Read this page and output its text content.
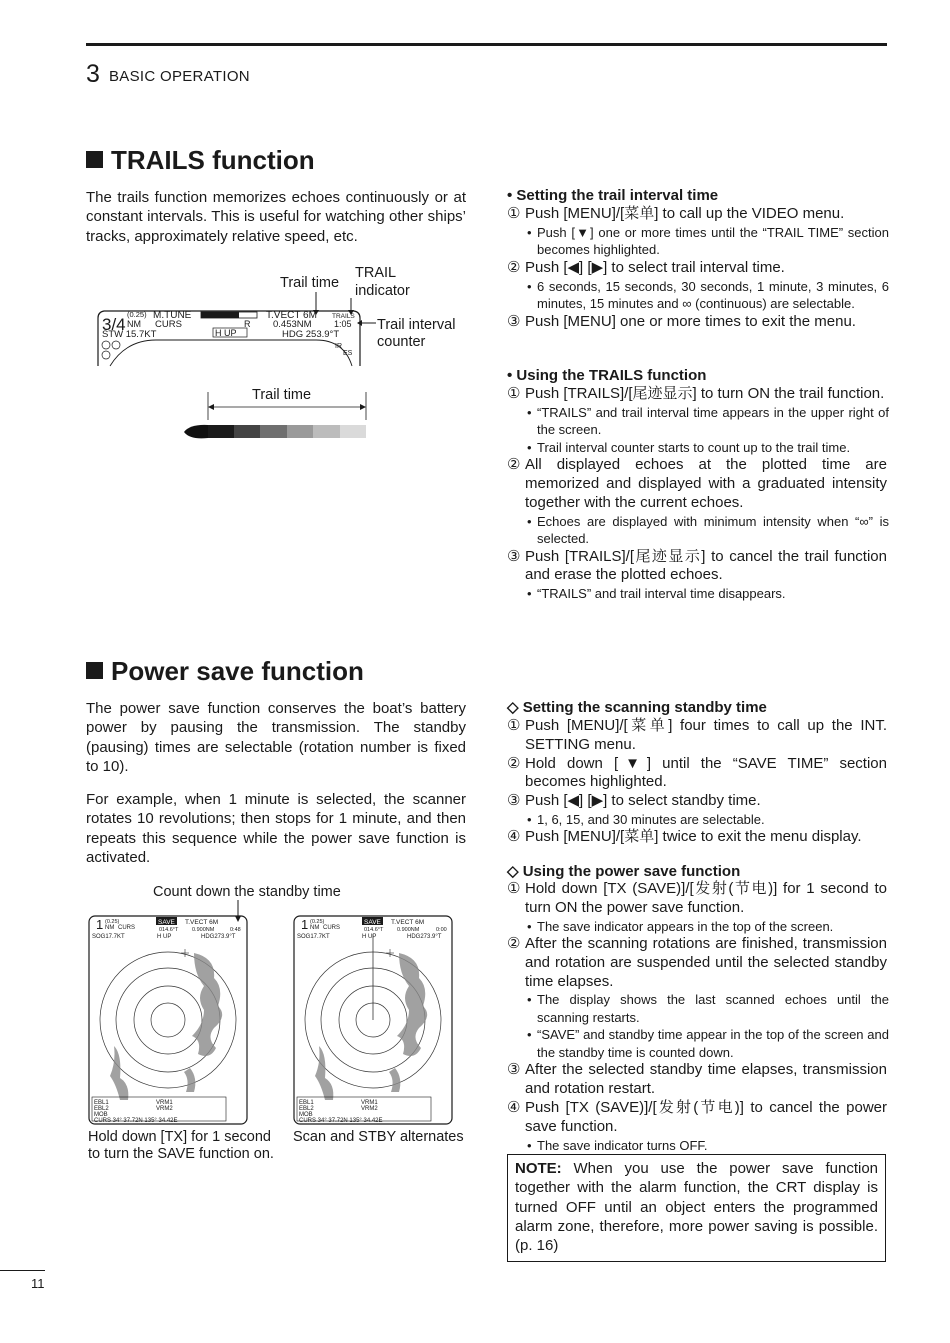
3 BASIC OPERATION
TRAILS function
The trails function memorizes echoes continuously or at constant intervals. This is useful for watching other ships’ tracks, approximately relative speed, etc.
Trail time
TRAIL
indicator
Trail interval
counter
3/4
(0.25)
NM
M.TUNE
CURS	R
STW 15.7KT	H UP
T.VECT 6M TRAILS
0.453NM 1:05
HDG 253.9°T
IR
ES
Trail time
• Setting the trail interval time
① Push [MENU]/[菜单] to call up the VIDEO menu.
• Push [▼] one or more times until the “TRAIL TIME” section becomes highlighted.
② Push [◀] [▶] to select trail interval time.
• 6 seconds, 15 seconds, 30 seconds, 1 minute, 3 minutes, 6 minutes, 15 minutes and ∞ (continuous) are selectable.
③ Push [MENU] one or more times to exit the menu.
• Using the TRAILS function
① Push [TRAILS]/[尾迹显示] to turn ON the trail function.
• “TRAILS” and trail interval time appears in the upper right of the screen.
• Trail interval counter starts to count up to the trail time.
② All displayed echoes at the plotted time are memorized and displayed with a graduated intensity together with the current echoes.
• Echoes are displayed with minimum intensity when “∞” is selected.
③ Push [TRAILS]/[尾迹显示] to cancel the trail function and erase the plotted echoes.
• “TRAILS” and trail interval time disappears.
Power save function
The power save function conserves the boat’s battery power by pausing the transmission. The standby (pausing) times are selectable (rotation number is fixed to 10).
For example, when 1 minute is selected, the scanner rotates 10 revolutions; then stops for 1 minute, and then repeats this sequence while the power save function is activated.
Count down the standby time
1 (0.25)
NM CURS
SAVE T.VECT 6M
014.6°T 0.900NM	0:48
SOG17.7KT	H UP	HDG273.9°T
EBL1
EBL2
VRM1
VRM2
MOB
CURS 34° 37.72N 135° 34.42E
1 (0.25)
NM CURS
SAVE T.VECT 6M
014.6°T 0.900NM	0:00
SOG17.7KT	H UP	HDG273.9°T
EBL1
EBL2
VRM1
VRM2
MOB
CURS 34° 37.72N 135° 34.42E
Hold down [TX] for 1 second
to turn the SAVE function on.
Scan and STBY alternates
◇ Setting the scanning standby time
① Push [MENU]/[菜单] four times to call up the INT. SETTING menu.
② Hold down [▼] until the “SAVE TIME” section becomes highlighted.
③ Push [◀] [▶] to select standby time.
• 1, 6, 15, and 30 minutes are selectable.
④ Push [MENU]/[菜单] twice to exit the menu display.
◇ Using the power save function
① Hold down [TX (SAVE)]/[发射(节电)] for 1 second to turn ON the power save function.
• The save indicator appears in the top of the screen.
② After the scanning rotations are finished, transmission and rotation are suspended until the selected standby time elapses.
• The display shows the last scanned echoes until the scanning restarts.
• “SAVE” and standby time appear in the top of the screen and the standby time is counted down.
③ After the selected standby time elapses, transmission and rotation restart.
④ Push [TX (SAVE)]/[发射(节电)] to cancel the power save function.
• The save indicator turns OFF.
NOTE: When you use the power save function together with the alarm function, the CRT display is turned OFF until an object enters the programmed alarm zone, therefore, more power saving is possible. (p. 16)
11
